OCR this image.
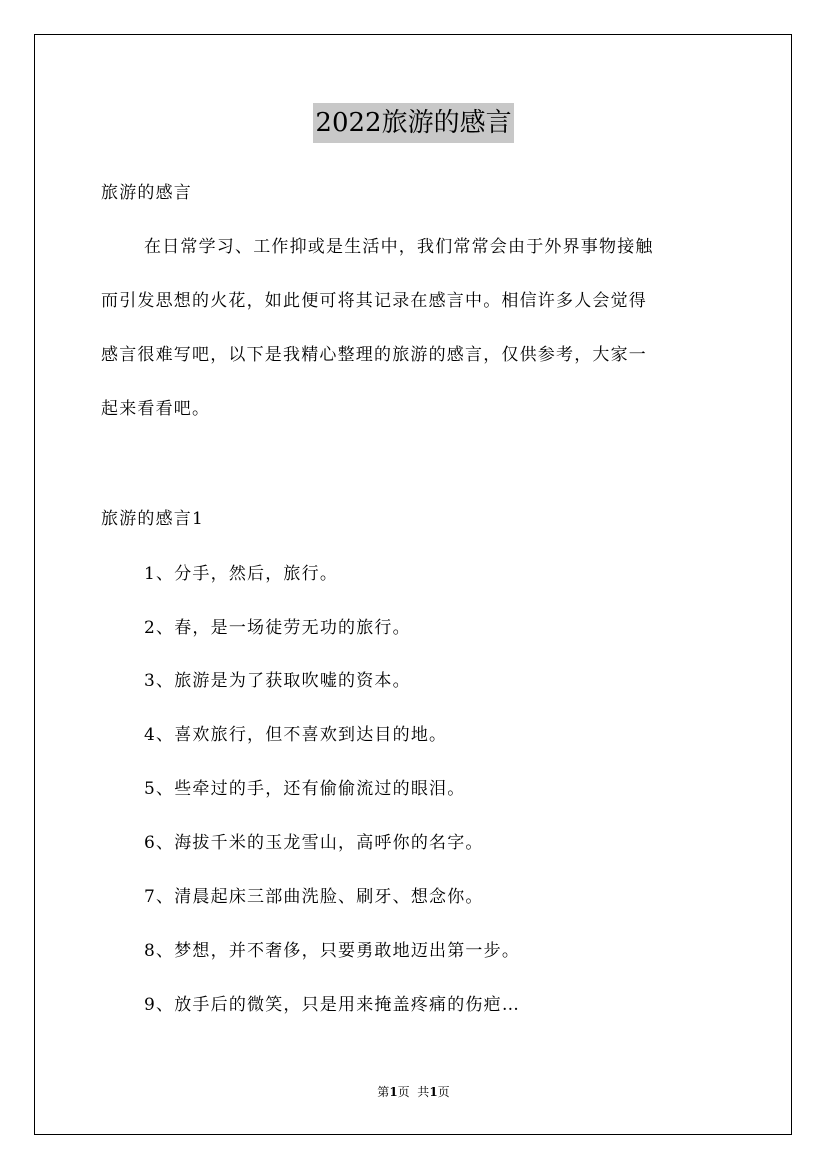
2022旅游的感言
旅游的感言
在日常学习、工作抑或是生活中，我们常常会由于外界事物接触
而引发思想的火花，如此便可将其记录在感言中。相信许多人会觉得
感言很难写吧，以下是我精心整理的旅游的感言，仅供参考，大家一
起来看看吧。
旅游的感言1
1、分手，然后，旅行。
2、春，是一场徒劳无功的旅行。
3、旅游是为了获取吹嘘的资本。
4、喜欢旅行，但不喜欢到达目的地。
5、些牵过的手，还有偷偷流过的眼泪。
6、海拔千米的玉龙雪山，高呼你的名字。
7、清晨起床三部曲洗脸、刷牙、想念你。
8、梦想，并不奢侈，只要勇敢地迈出第一步。
9、放手后的微笑，只是用来掩盖疼痛的伤疤…
第1页  共1页
